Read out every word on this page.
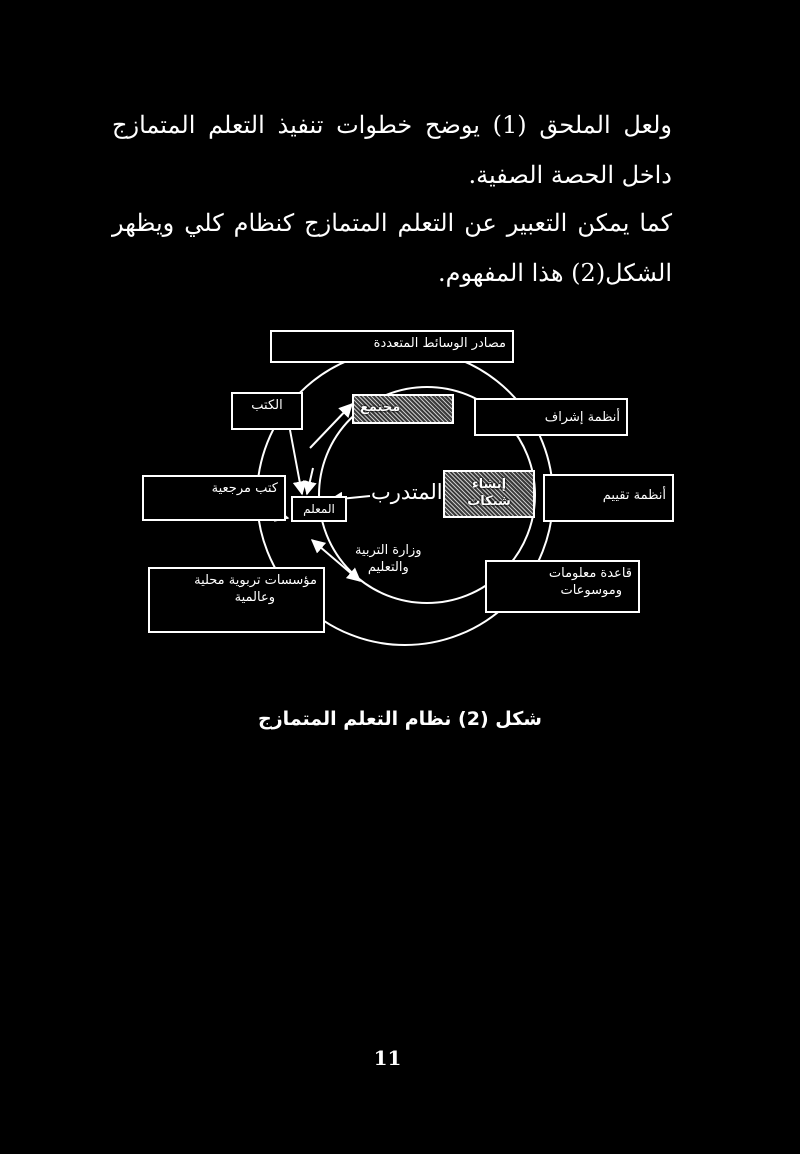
ولعل الملحق (1) يوضح خطوات تنفيذ التعلم المتمازج داخل الحصة الصفية.

كما يمكن التعبير عن التعلم المتمازج كنظام كلي ويظهر الشكل(2) هذا المفهوم.

مصادر الوسائط المتعددة
الكتب	مجتمع
أنظمة إشراف
كتب مرجعية
المعلم
إنشاء
شبكات	أنظمة تقييم
مؤسسات تربوية محلية
وعالمية
قاعدة معلومات
وموسوعات
المتدرب
وزارة التربية
والتعليم
شكل (2) نظام التعلم المتمازج
11
